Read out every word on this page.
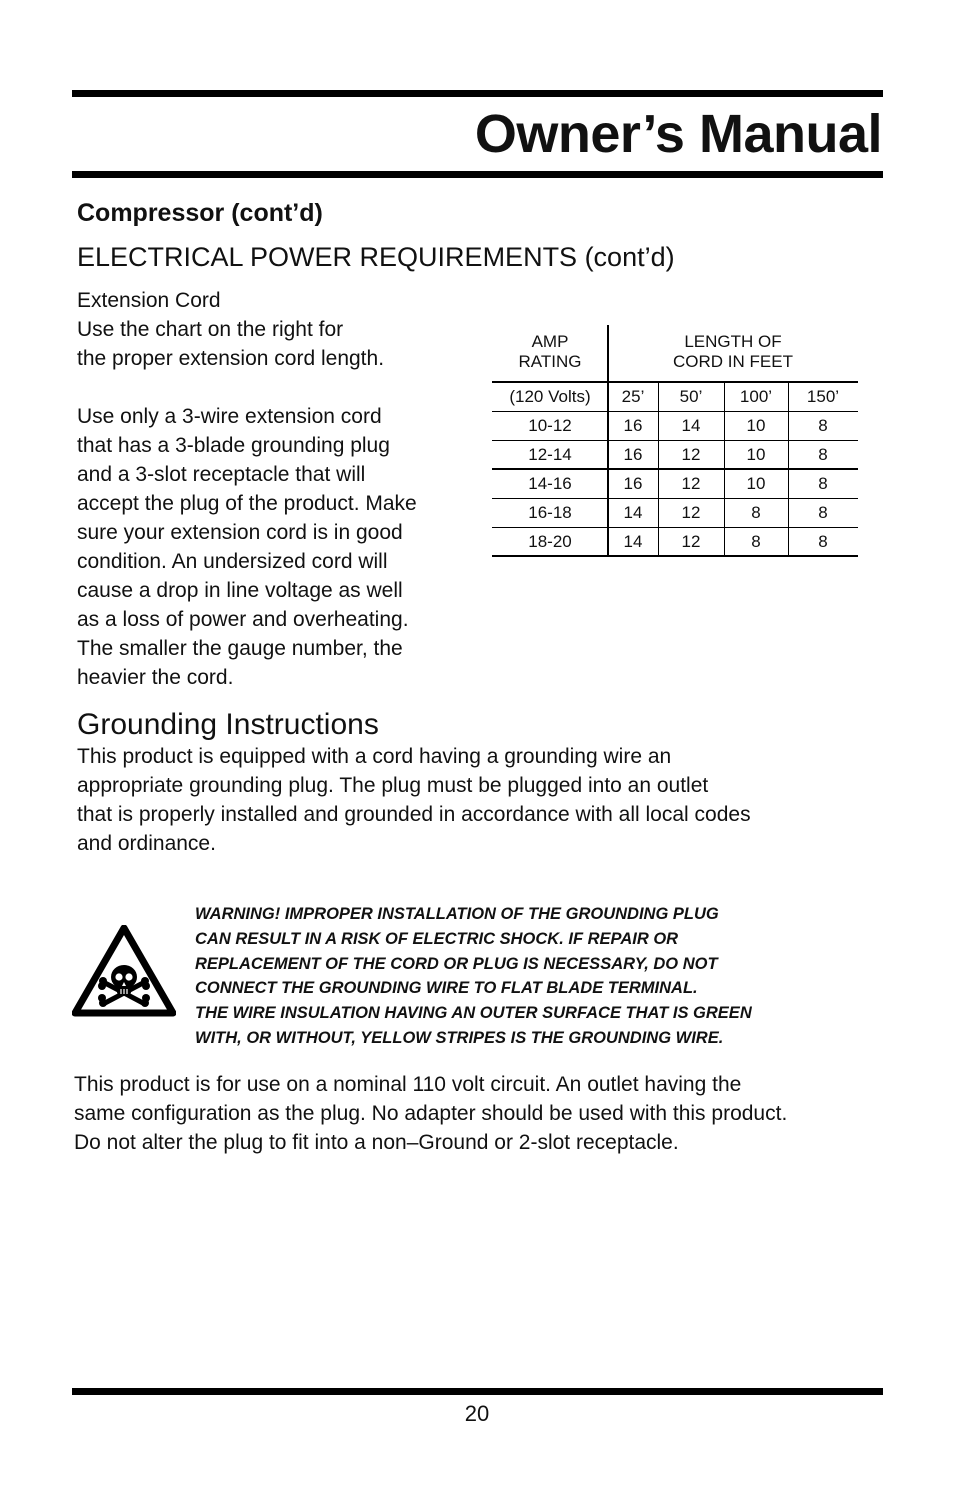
Owner’s Manual
Compressor (cont’d)
ELECTRICAL POWER REQUIREMENTS (cont’d)
Extension Cord
Use the chart on the right for
the proper extension cord length.
Use only a 3-wire extension cord
that has a 3-blade grounding plug
and a 3-slot receptacle that will
accept the plug of the product. Make
sure your extension cord is in good
condition. An undersized cord will
cause a drop in line voltage as well
as a loss of power and overheating.
The smaller the gauge number, the
heavier the cord.
AMP
RATING
LENGTH OF
CORD IN FEET
(120 Volts)	25’	50’	100’	150’
10-12	16	14	10	8
12-14	16	12	10	8
14-16	16	12	10	8
16-18	14	12	8	8
18-20	14	12	8	8
Grounding Instructions
This product is equipped with a cord having a grounding wire an
appropriate grounding plug. The plug must be plugged into an outlet
that is properly installed and grounded in accordance with all local codes
and ordinance.
WARNING! IMPROPER INSTALLATION OF THE GROUNDING PLUG
CAN RESULT IN A RISK OF ELECTRIC SHOCK. IF REPAIR OR
REPLACEMENT OF THE CORD OR PLUG IS NECESSARY, DO NOT
CONNECT THE GROUNDING WIRE TO FLAT BLADE TERMINAL.
THE WIRE INSULATION HAVING AN OUTER SURFACE THAT IS GREEN
WITH, OR WITHOUT, YELLOW STRIPES IS THE GROUNDING WIRE.
This product is for use on a nominal 110 volt circuit. An outlet having the
same configuration as the plug. No adapter should be used with this product.
Do not alter the plug to fit into a non–Ground or 2-slot receptacle.
20
